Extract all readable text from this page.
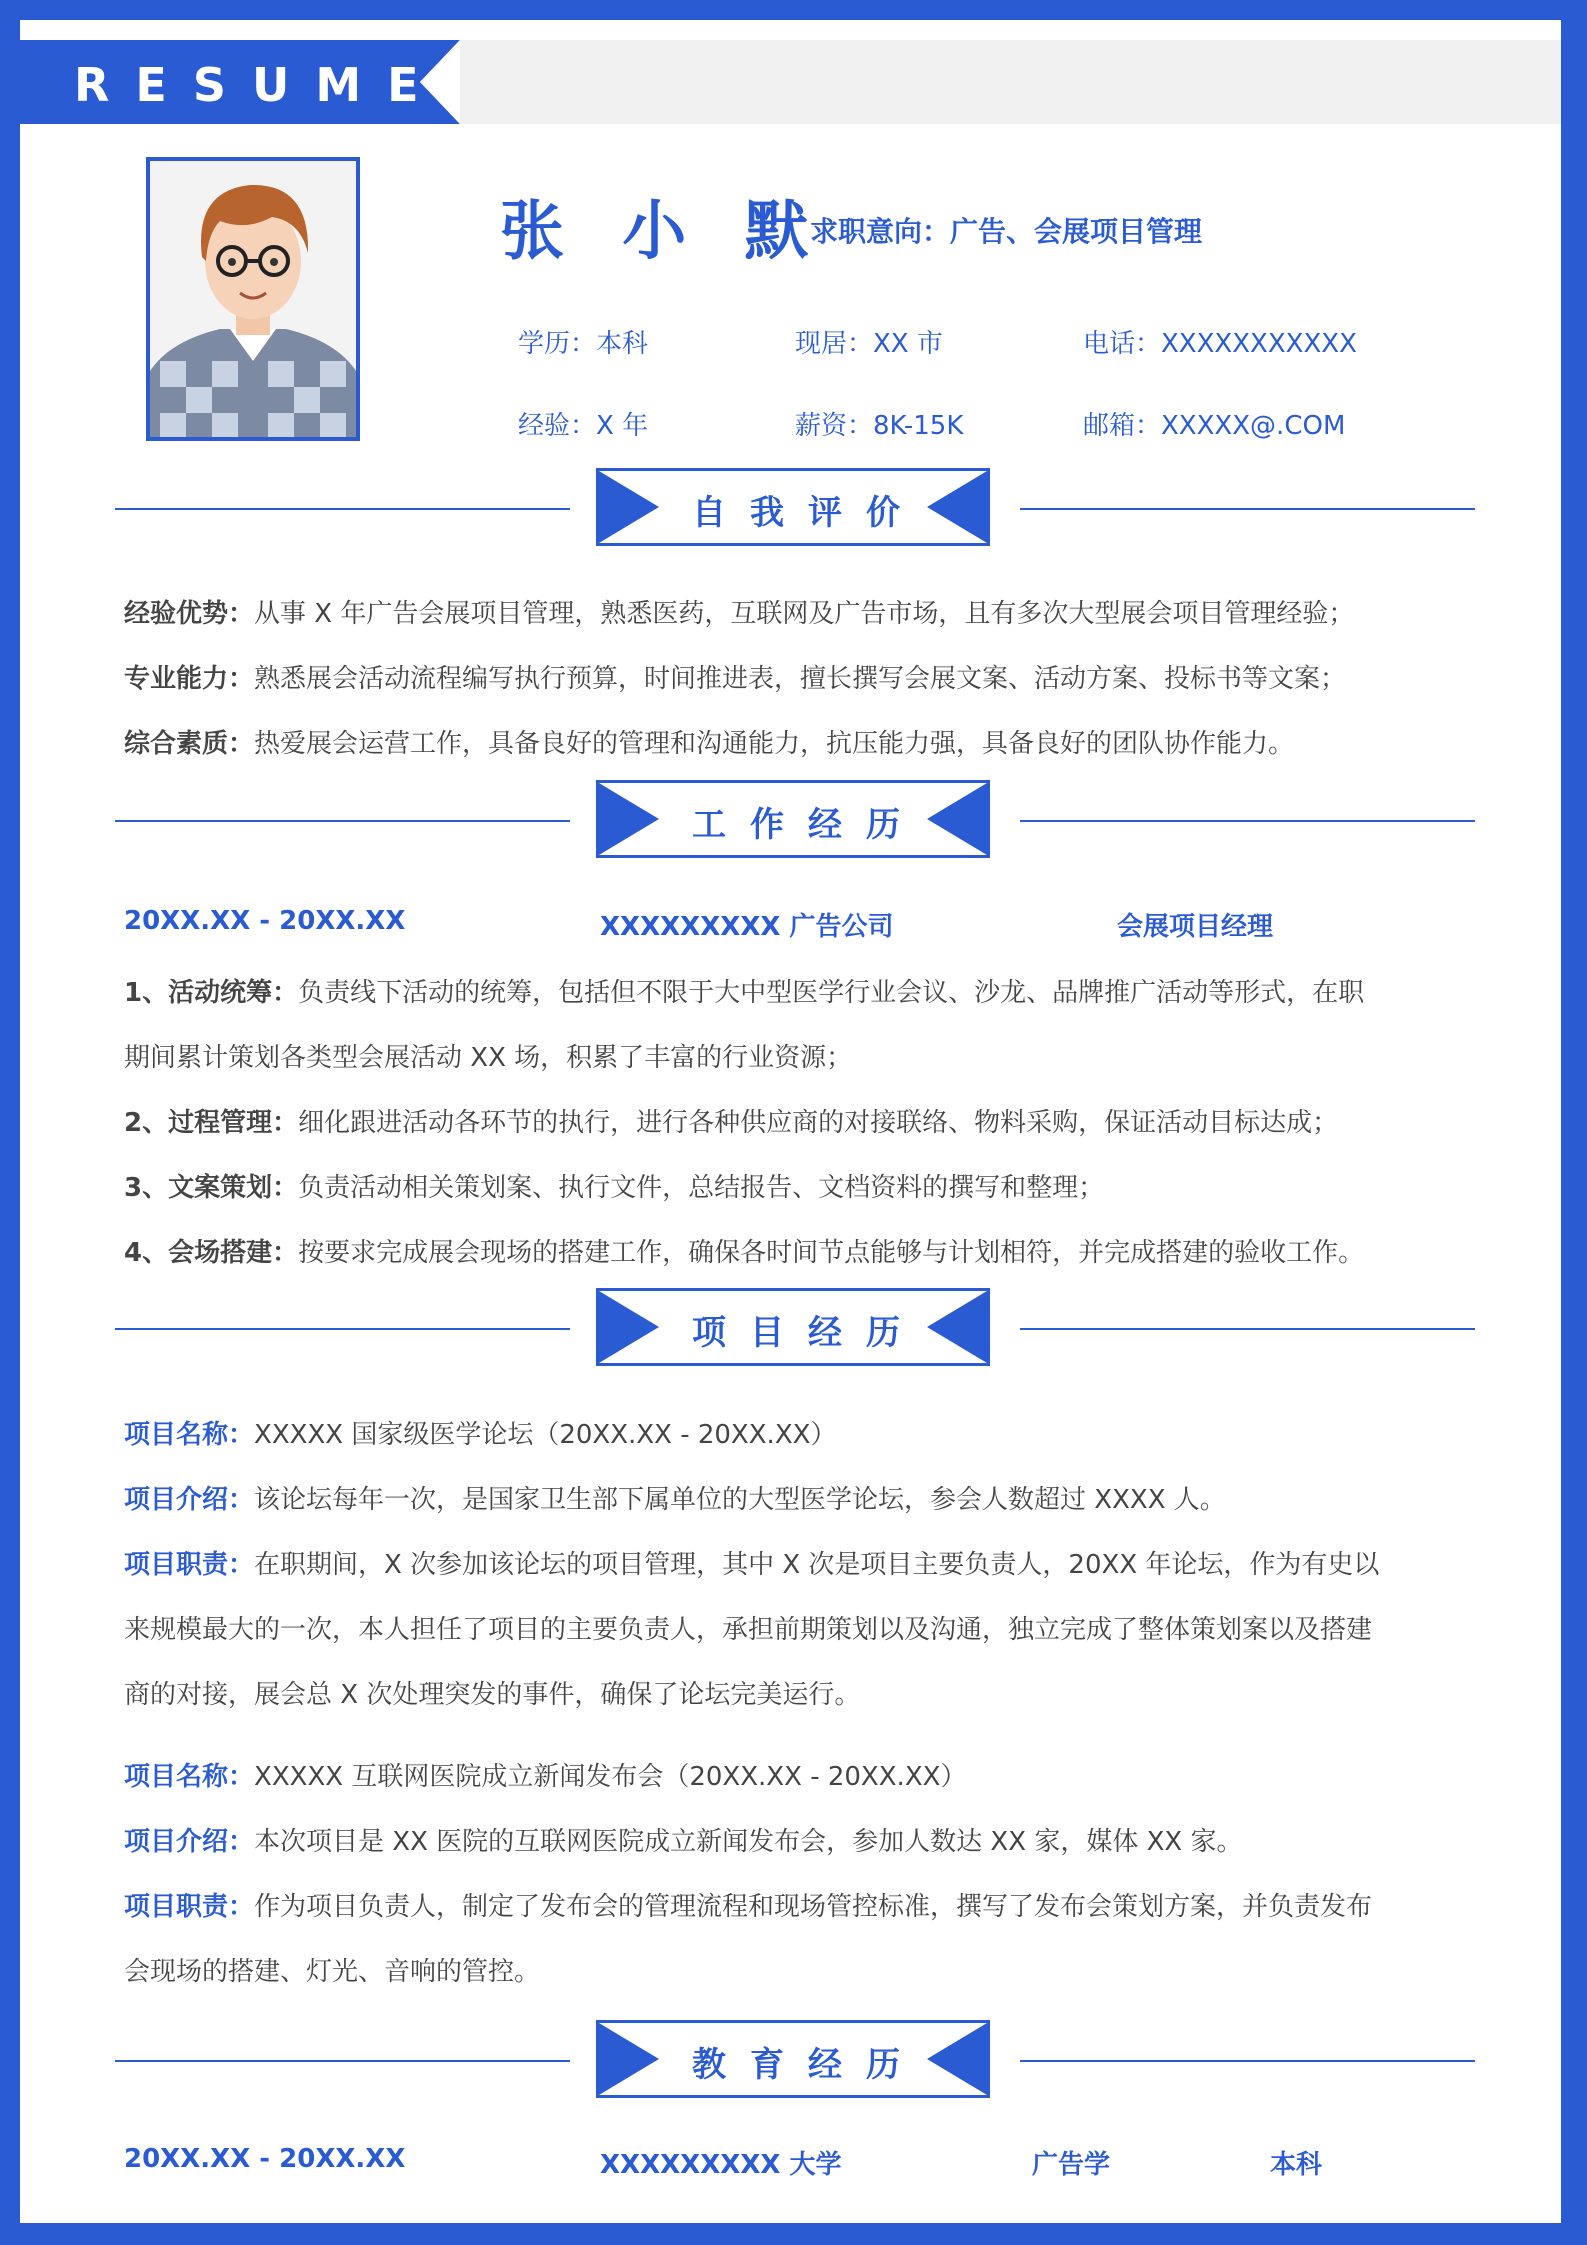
RESUME
张 小 默
求职意向：广告、会展项目管理
学历：本科	现居：XX 市	电话：XXXXXXXXXXX
经验：X 年	薪资：8K-15K	邮箱：XXXXX@.COM
自我评价
经验优势：从事 X 年广告会展项目管理，熟悉医药，互联网及广告市场，且有多次大型展会项目管理经验；
专业能力：熟悉展会活动流程编写执行预算，时间推进表，擅长撰写会展文案、活动方案、投标书等文案；
综合素质：热爱展会运营工作，具备良好的管理和沟通能力，抗压能力强，具备良好的团队协作能力。
工作经历
20XX.XX - 20XX.XX	XXXXXXXXX 广告公司	会展项目经理
1、活动统筹：负责线下活动的统筹，包括但不限于大中型医学行业会议、沙龙、品牌推广活动等形式，在职
期间累计策划各类型会展活动 XX 场，积累了丰富的行业资源；
2、过程管理：细化跟进活动各环节的执行，进行各种供应商的对接联络、物料采购，保证活动目标达成；
3、文案策划：负责活动相关策划案、执行文件，总结报告、文档资料的撰写和整理；
4、会场搭建：按要求完成展会现场的搭建工作，确保各时间节点能够与计划相符，并完成搭建的验收工作。
项目经历
项目名称：XXXXX 国家级医学论坛（20XX.XX - 20XX.XX）
项目介绍：该论坛每年一次，是国家卫生部下属单位的大型医学论坛，参会人数超过 XXXX 人。
项目职责：在职期间，X 次参加该论坛的项目管理，其中 X 次是项目主要负责人，20XX 年论坛，作为有史以
来规模最大的一次，本人担任了项目的主要负责人，承担前期策划以及沟通，独立完成了整体策划案以及搭建
商的对接，展会总 X 次处理突发的事件，确保了论坛完美运行。
项目名称：XXXXX 互联网医院成立新闻发布会（20XX.XX - 20XX.XX）
项目介绍：本次项目是 XX 医院的互联网医院成立新闻发布会，参加人数达 XX 家，媒体 XX 家。
项目职责：作为项目负责人，制定了发布会的管理流程和现场管控标准，撰写了发布会策划方案，并负责发布
会现场的搭建、灯光、音响的管控。
教育经历
20XX.XX - 20XX.XX	XXXXXXXXX 大学	广告学	本科
